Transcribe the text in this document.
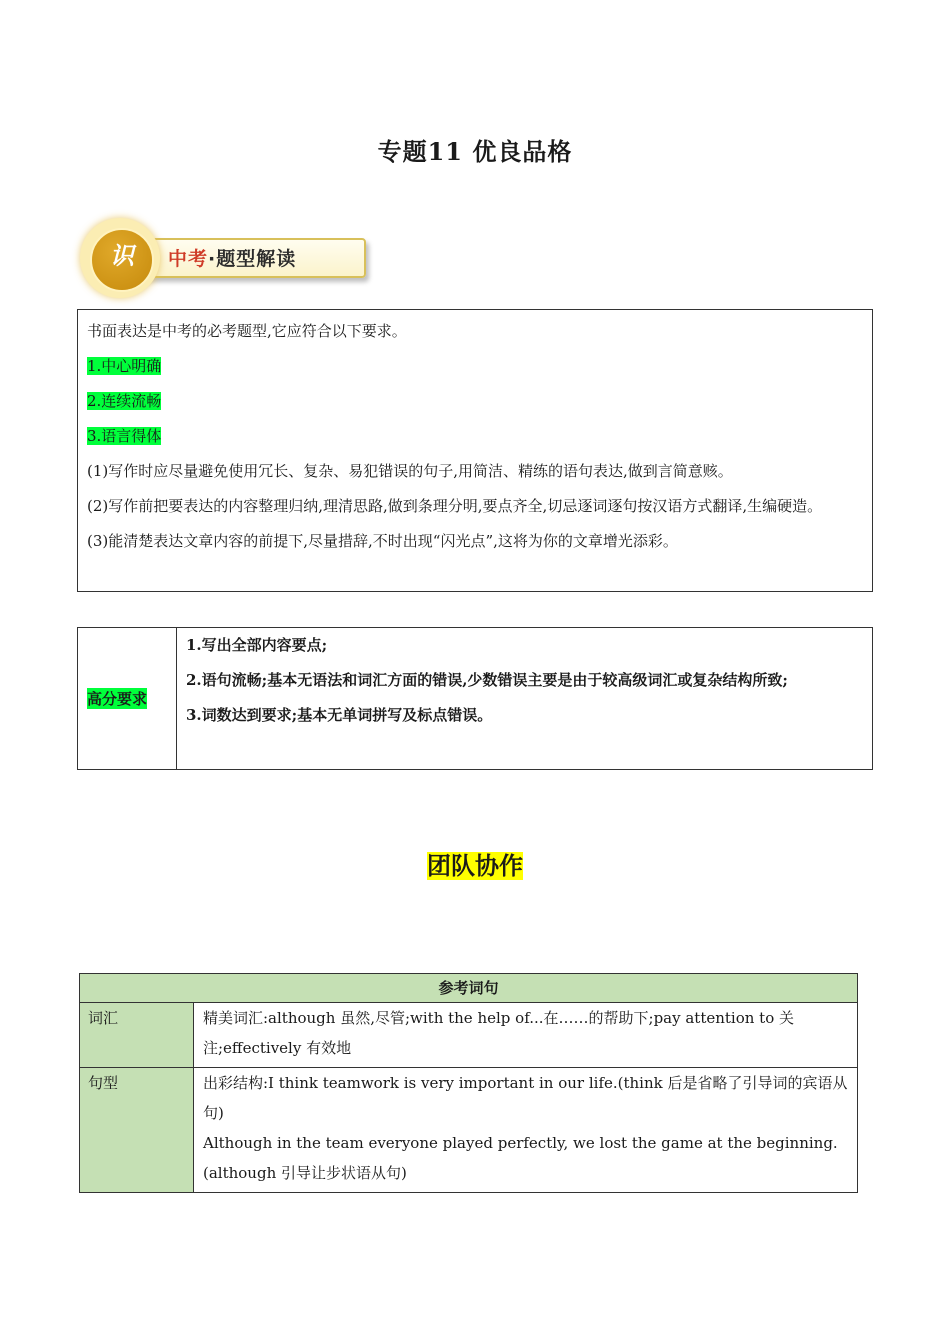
专题11 优良品格
中考·题型解读
识

书面表达是中考的必考题型,它应符合以下要求。

1.中心明确

2.连续流畅

3.语言得体

(1)写作时应尽量避免使用冗长、复杂、易犯错误的句子,用简洁、精练的语句表达,做到言简意赅。

(2)写作前把要表达的内容整理归纳,理清思路,做到条理分明,要点齐全,切忌逐词逐句按汉语方式翻译,生编硬造。

(3)能清楚表达文章内容的前提下,尽量措辞,不时出现“闪光点”,这将为你的文章增光添彩。

高分要求

1.写出全部内容要点;

2.语句流畅;基本无语法和词汇方面的错误,少数错误主要是由于较高级词汇或复杂结构所致;

3.词数达到要求;基本无单词拼写及标点错误。

团队协作
参考词句	
词汇	精美词汇:although 虽然,尽管;with the help of...在……的帮助下;pay attention to 关注;effectively 有效地

句型	出彩结构:I think teamwork is very important in our life.(think 后是省略了引导词的宾语从句)

Although in the team everyone played perfectly, we lost the game at the beginning.(although 引导让步状语从句)
